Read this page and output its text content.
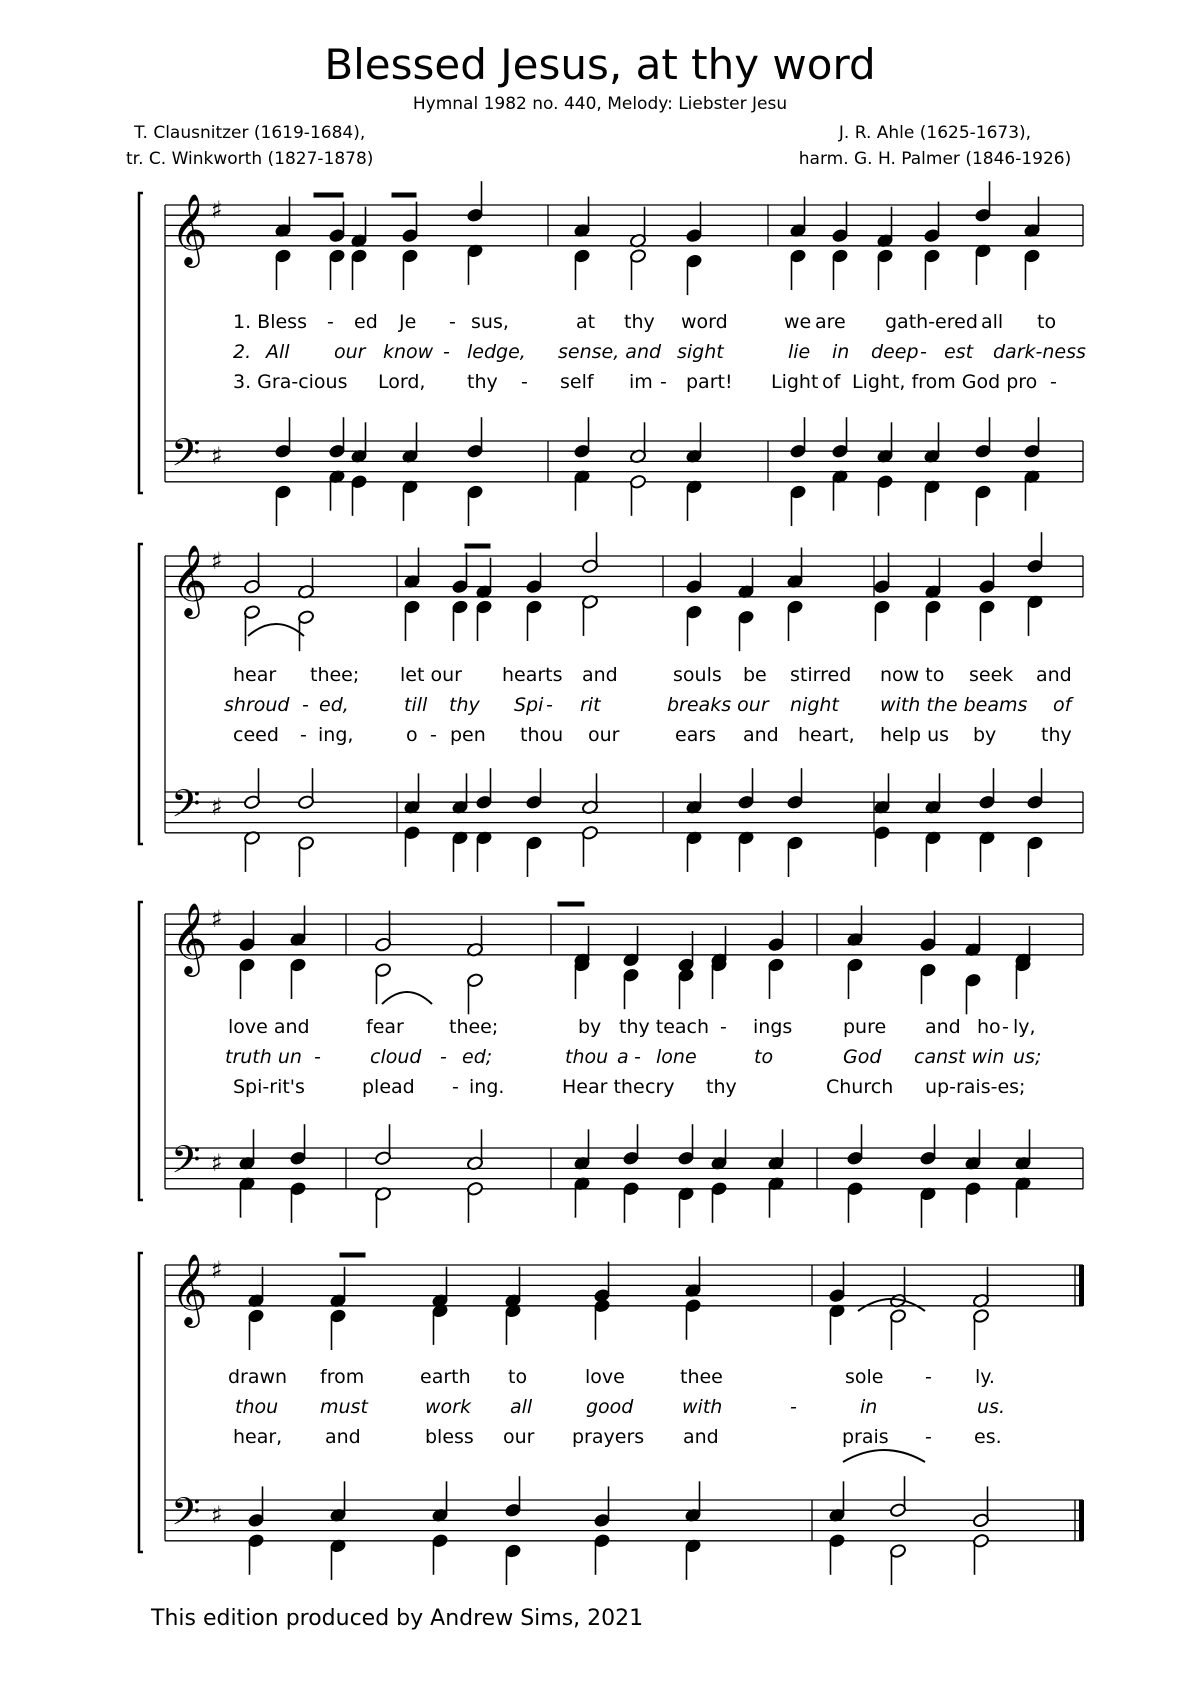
Blessed Jesus, at thy word
Hymnal 1982 no. 440, Melody: Liebster Jesu
T. Clausnitzer (1619-1684),
tr. C. Winkworth (1827-1878)
J. R. Ahle (1625-1673),
harm. G. H. Palmer (1846-1926)
𝄞
𝄢
♯
♯
𝄞
𝄢
♯
♯
𝄞
𝄢
♯
♯
𝄞
𝄢
♯
♯
1. Bless - ed Je - sus,	at thy word	we are gath-ered all to
2. All our know - ledge, sense, and sight	lie in deep - est dark-ness
3. Gra-cious Lord, thy - self im - part! Light of Light, from God pro -
hear thee; let our hearts and	souls be stirred now to seek and
shroud - ed,	till thy Spi - rit	breaks our night with the beams of
ceed - ing,	o - pen thou our	ears and heart, help us by thy
love and	fear thee;	by thy teach - ings	pure and ho - ly,
truth un -	cloud - ed;	thou a - lone	to	God canst win us;
Spi-rit's	plead - ing.	Hear the cry thy	Church up-rais-es;
drawn from	earth to	love	thee	sole - ly.
thou must	work all	good	with	-	in	us.
hear, and	bless our prayers and	prais - es.
This edition produced by Andrew Sims, 2021
